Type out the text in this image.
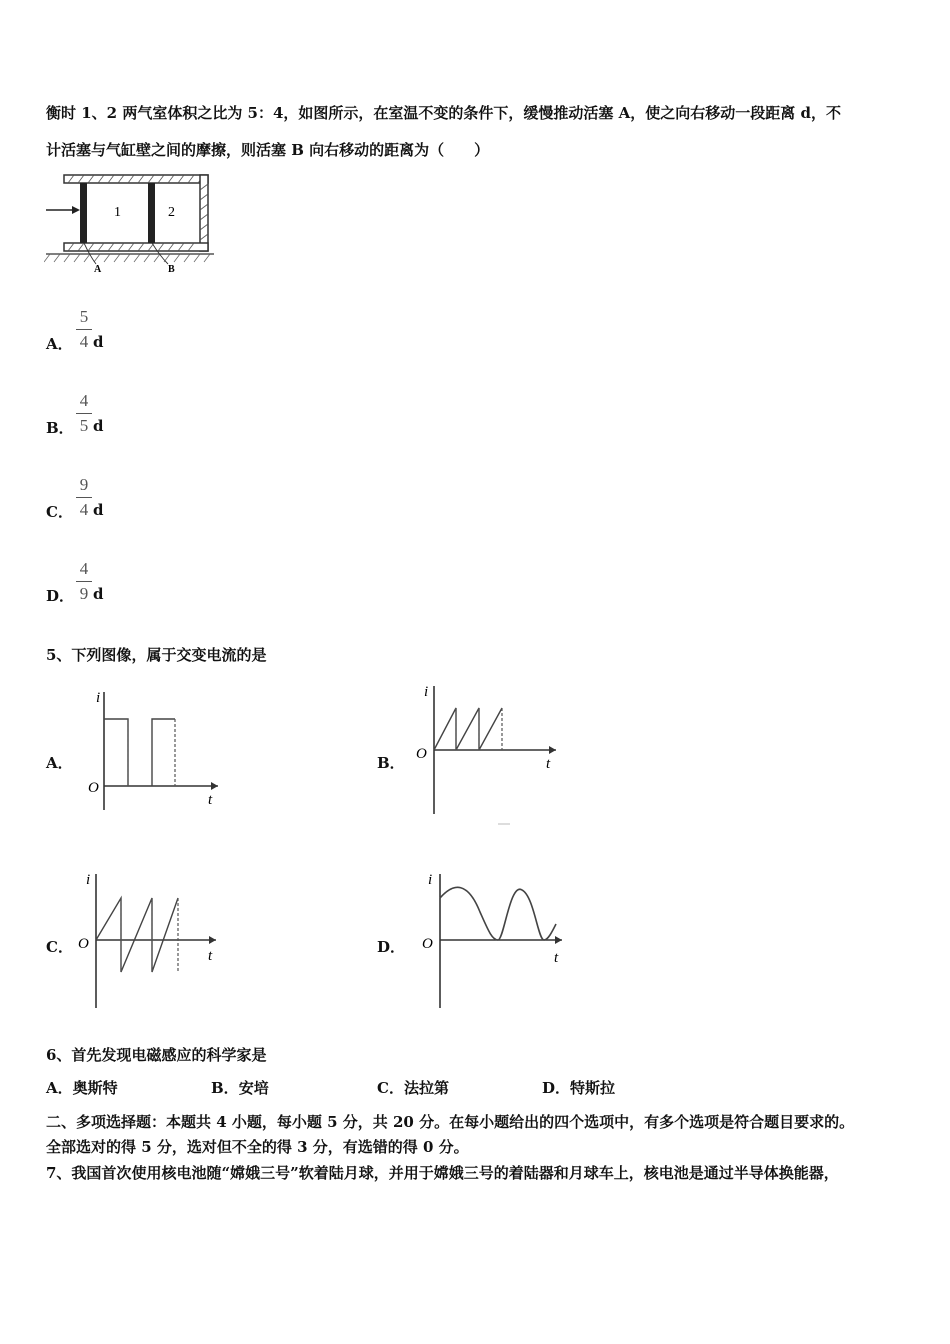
衡时 1、2 两气室体积之比为 5：4，如图所示，在室温不变的条件下，缓慢推动活塞 A，使之向右移动一段距离 d，不
计活塞与气缸壁之间的摩擦，则活塞 B 向右移动的距离为（　　）
1	2
A	B
A．
5
4 d
B．
4
5 d
C．
9
4 d
D．
4
9 d
5、下列图像，属于交变电流的是
A．
i
O
t
B．
i
O
t
C．
i
O
t	D．
i
O
t
6、首先发现电磁感应的科学家是
A．奥斯特	B．安培	C．法拉第	D．特斯拉
二、多项选择题：本题共 4 小题，每小题 5 分，共 20 分。在每小题给出的四个选项中，有多个选项是符合题目要求的。
全部选对的得 5 分，选对但不全的得 3 分，有选错的得 0 分。
7、我国首次使用核电池随“嫦娥三号”软着陆月球，并用于嫦娥三号的着陆器和月球车上，核电池是通过半导体换能器，
